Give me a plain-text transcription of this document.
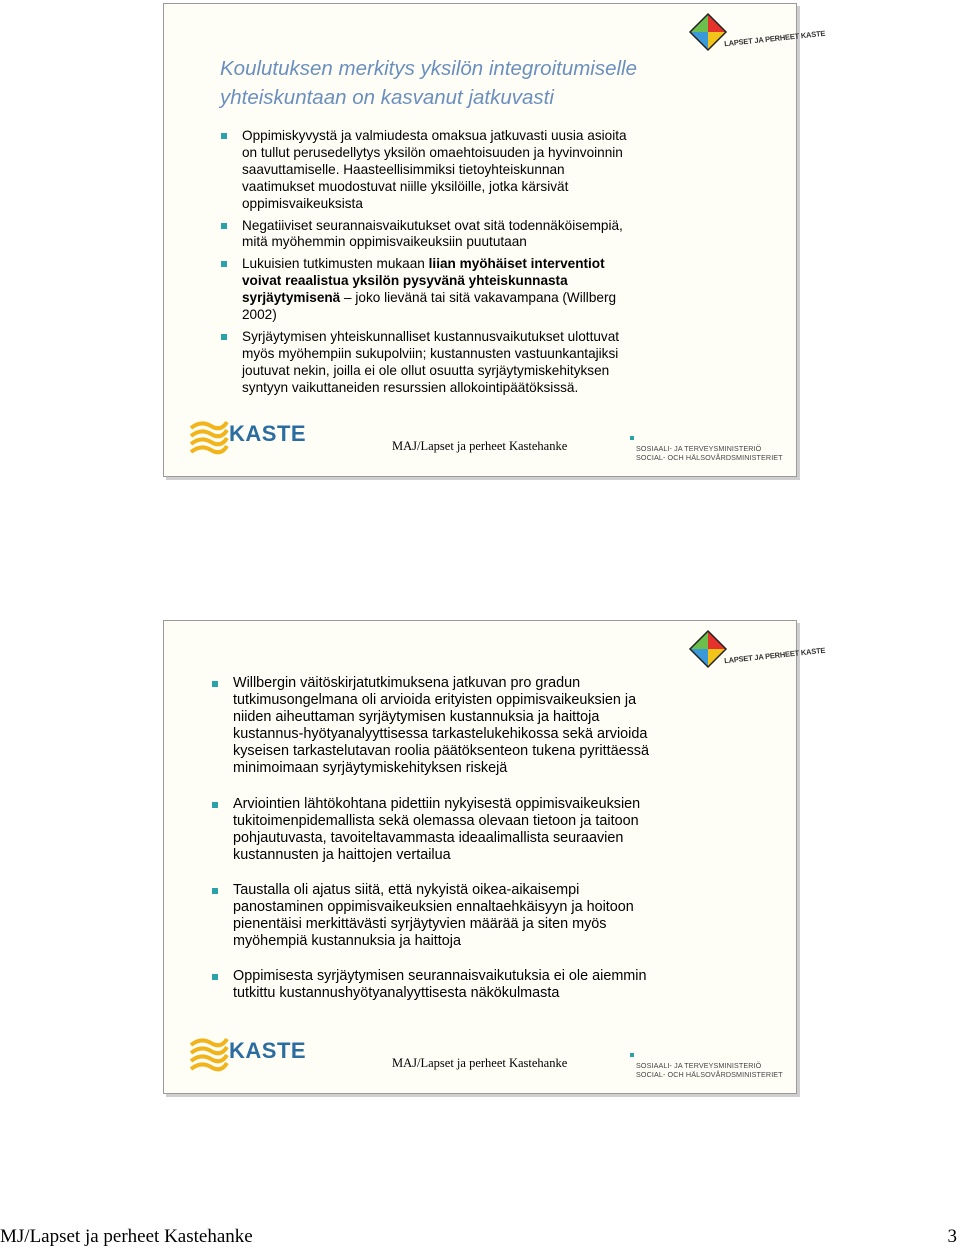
LAPSET JA PERHEET KASTE
Koulutuksen merkitys yksilön integroitumiselle
yhteiskuntaan on kasvanut jatkuvasti
Oppimiskyvystä ja valmiudesta omaksua jatkuvasti uusia asioita
on tullut perusedellytys yksilön omaehtoisuuden ja hyvinvoinnin
saavuttamiselle. Haasteellisimmiksi tietoyhteiskunnan
vaatimukset muodostuvat niille yksilöille, jotka kärsivät
oppimisvaikeuksista
Negatiiviset seurannaisvaikutukset ovat sitä todennäköisempiä,
mitä myöhemmin oppimisvaikeuksiin puututaan
Lukuisien tutkimusten mukaan liian myöhäiset interventiot
voivat reaalistua yksilön pysyvänä yhteiskunnasta
syrjäytymisenä – joko lievänä tai sitä vakavampana (Willberg
2002)
Syrjäytymisen yhteiskunnalliset kustannusvaikutukset ulottuvat
myös myöhempiin sukupolviin; kustannusten vastuunkantajiksi
joutuvat nekin, joilla ei ole ollut osuutta syrjäytymiskehityksen
syntyyn vaikuttaneiden resurssien allokointipäätöksissä.
KASTE	MAJ/Lapset ja perheet Kastehanke	SOSIAALI- JA TERVEYSMINISTERIÖ
SOCIAL- OCH HÄLSOVÅRDSMINISTERIET
LAPSET JA PERHEET KASTE
Willbergin väitöskirjatutkimuksena jatkuvan pro gradun
tutkimusongelmana oli arvioida erityisten oppimisvaikeuksien ja
niiden aiheuttaman syrjäytymisen kustannuksia ja haittoja
kustannus-hyötyanalyyttisessa tarkastelukehikossa sekä arvioida
kyseisen tarkastelutavan roolia päätöksenteon tukena pyrittäessä
minimoimaan syrjäytymiskehityksen riskejä
Arviointien lähtökohtana pidettiin nykyisestä oppimisvaikeuksien
tukitoimenpidemallista sekä olemassa olevaan tietoon ja taitoon
pohjautuvasta, tavoiteltavammasta ideaalimallista seuraavien
kustannusten ja haittojen vertailua
Taustalla oli ajatus siitä, että nykyistä oikea-aikaisempi
panostaminen oppimisvaikeuksien ennaltaehkäisyyn ja hoitoon
pienentäisi merkittävästi syrjäytyvien määrää ja siten myös
myöhempiä kustannuksia ja haittoja
Oppimisesta syrjäytymisen seurannaisvaikutuksia ei ole aiemmin
tutkittu kustannushyötyanalyyttisesta näkökulmasta
KASTE	MAJ/Lapset ja perheet Kastehanke	SOSIAALI- JA TERVEYSMINISTERIÖ
SOCIAL- OCH HÄLSOVÅRDSMINISTERIET
MJ/Lapset ja perheet Kastehanke	3
